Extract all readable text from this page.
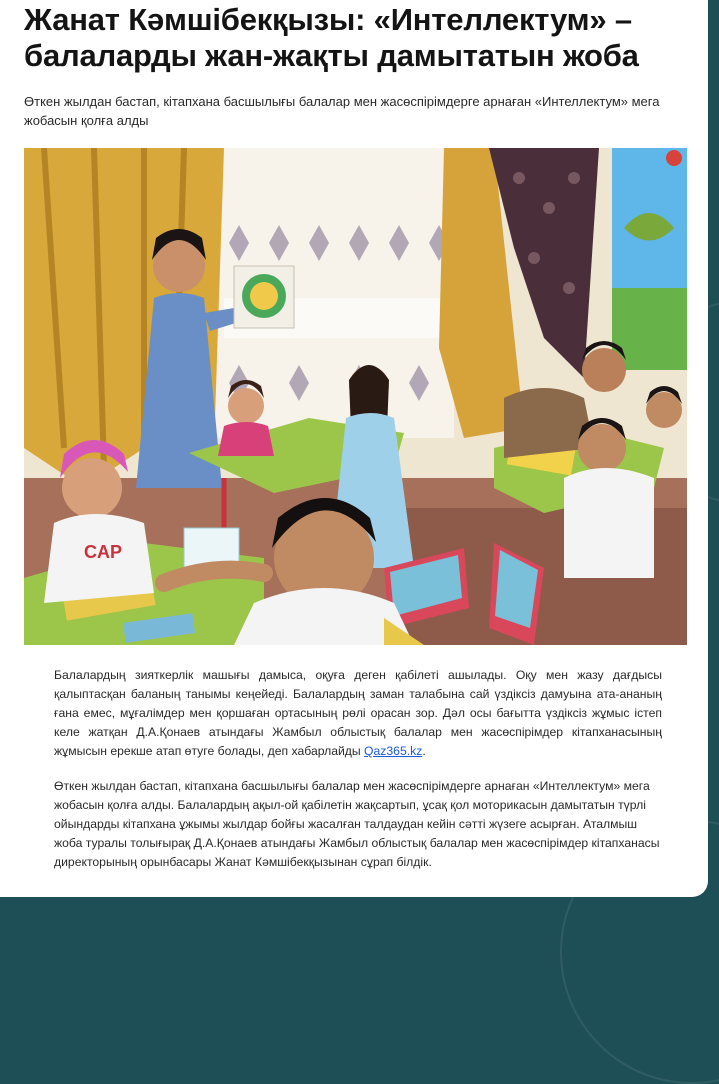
Жанат Кәмшібекқызы: «Интеллектум» – балаларды жан-жақты дамытатын жоба

Өткен жылдан бастап, кітапхана басшылығы балалар мен жасөспірімдерге арнаған «Интеллектум» мега жобасын қолға алды

CAP

Балалардың зияткерлік машығы дамыса, оқуға деген қабілеті ашылады. Оқу мен жазу дағдысы қалыптасқан баланың танымы кеңейеді. Балалардың заман талабына сай үздіксіз дамуына ата-ананың ғана емес, мұғалімдер мен қоршаған ортасының рөлі орасан зор. Дәл осы бағытта үздіксіз жұмыс істеп келе жатқан Д.А.Қонаев атындағы Жамбыл облыстық балалар мен жасөспірімдер кітапханасының жұмысын ерекше атап өтуге болады, деп хабарлайды Qaz365.kz.

Өткен жылдан бастап, кітапхана басшылығы балалар мен жасөспірімдерге арнаған «Интеллектум» мега жобасын қолға алды. Балалардың ақыл-ой қабілетін жақсартып, ұсақ қол моторикасын дамытатын түрлі ойындарды кітапхана ұжымы жылдар бойғы жасалған талдаудан кейін сәтті жүзеге асырған. Аталмыш жоба туралы толығырақ Д.А.Қонаев атындағы Жамбыл облыстық балалар мен жасөспірімдер кітапханасы директорының орынбасары Жанат Кәмшібекқызынан сұрап білдік.
